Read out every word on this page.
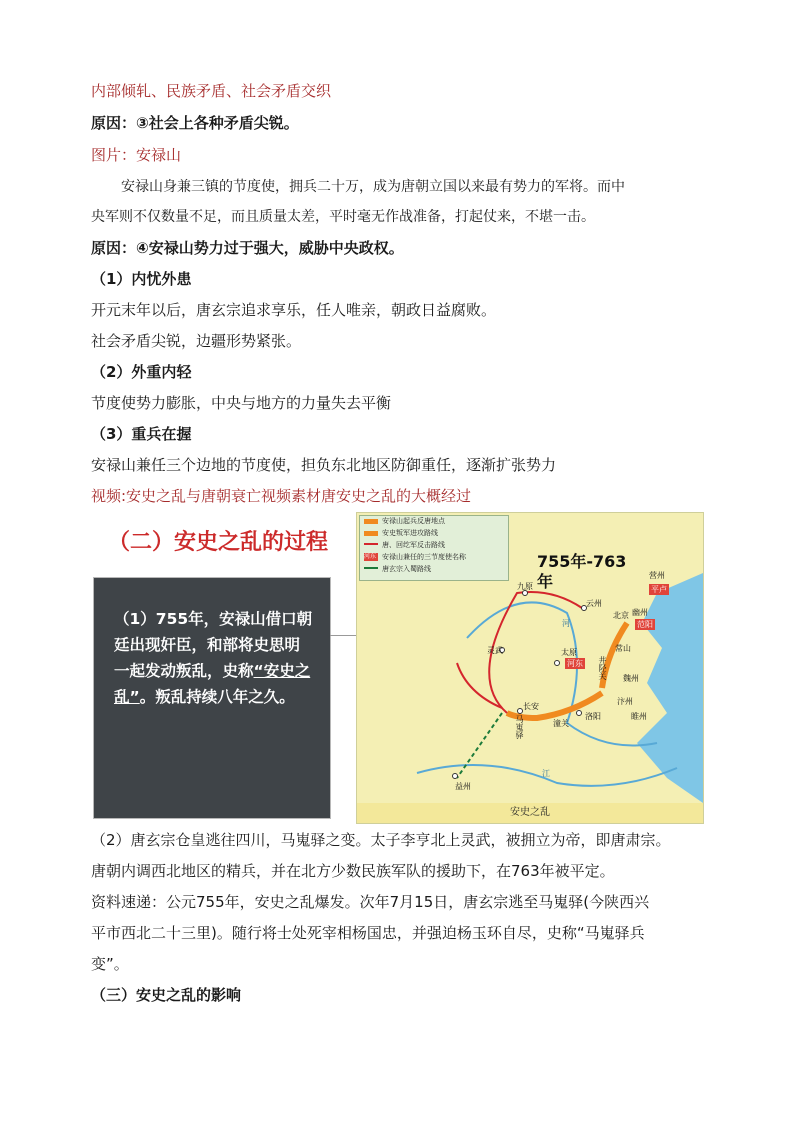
内部倾轧、民族矛盾、社会矛盾交织
原因：③社会上各种矛盾尖锐。
图片：安禄山
安禄山身兼三镇的节度使，拥兵二十万，成为唐朝立国以来最有势力的军将。而中
央军则不仅数量不足，而且质量太差，平时毫无作战准备，打起仗来，不堪一击。
原因：④安禄山势力过于强大，威胁中央政权。
（1）内忧外患
开元末年以后，唐玄宗追求享乐，任人唯亲，朝政日益腐败。
社会矛盾尖锐，边疆形势紧张。
（2）外重内轻
节度使势力膨胀，中央与地方的力量失去平衡
（3）重兵在握
安禄山兼任三个边地的节度使，担负东北地区防御重任，逐渐扩张势力
视频:安史之乱与唐朝衰亡视频素材唐安史之乱的大概经过
（二）安史之乱的过程
（1）755年，安禄山借口朝廷出现奸臣，和部将史思明一起发动叛乱，史称“安史之乱”。叛乱持续八年之久。
安禄山起兵反唐地点
安史叛军进攻路线
唐、回纥军反击路线
河东 安禄山兼任的三节度使名称
唐玄宗入蜀路线	755年-763年	营州
平卢
幽州
范阳
北京
九原
云州
太原
河东
常山
井陉关
灵武
长安
马嵬驿	潼关
洛阳
汴州
睢州
魏州
益州
河
江
安史之乱
（2）唐玄宗仓皇逃往四川，马嵬驿之变。太子李亨北上灵武，被拥立为帝，即唐肃宗。
唐朝内调西北地区的精兵，并在北方少数民族军队的援助下，在763年被平定。
资料速递：公元755年，安史之乱爆发。次年7月15日，唐玄宗逃至马嵬驿(今陕西兴
平市西北二十三里)。随行将士处死宰相杨国忠，并强迫杨玉环自尽，史称“马嵬驿兵
变”。
（三）安史之乱的影响
